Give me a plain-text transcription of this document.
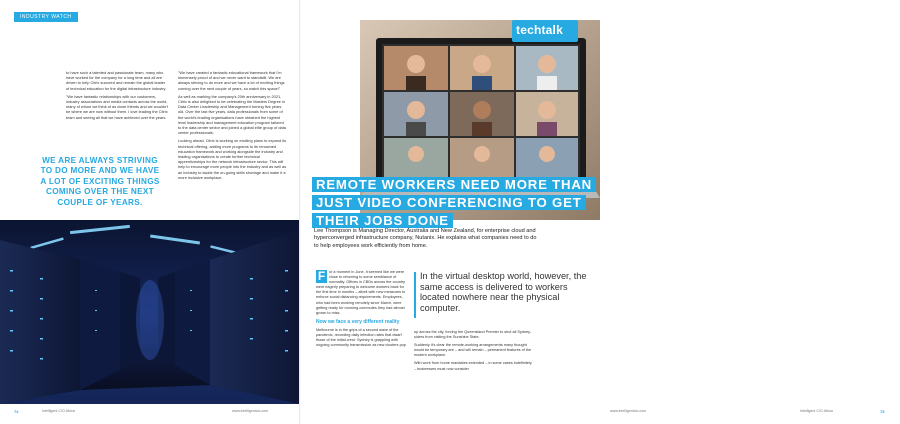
INDUSTRY WATCH

to have such a talented and passionate team, many who have worked for the company for a long time and all are driven to help Citrix succeed and remain the global leader of technical education for the digital infrastructure industry.

"We have fantastic relationships with our customers, industry associations and media contacts across the world, many of whom we think of as close friends and we wouldn't be where we are now without them. I love leading the Citrix team and seeing all that we have achieved over the years.

"We have created a fantastic educational framework that I'm immensely proud of and we never want to standstill. We are always striving to do more and we have a lot of exciting things coming over the next couple of years, so watch this space!"

As well as marking the company's 20th anniversary in 2021, Citrix is also delighted to be celebrating the Masters Degree in Data Center Leadership and Management turning five years old. Over the last five years, data professionals from some of the world's leading organisations have obtained the highest level leadership and management education program tailored to the data center sector and joined a global elite group of data center professionals.

Looking ahead, Citrix is working on exciting plans to expand its technical offering, adding more programs to its renowned education framework and working alongside the industry and leading organisations to create further technical apprenticeships for the network infrastructure sector. This will help to encourage more people into the industry and as well as an industry to tackle the on-going skills shortage and make it a more inclusive workplace.

WE ARE ALWAYS STRIVING TO DO MORE AND WE HAVE A LOT OF EXCITING THINGS COMING OVER THE NEXT COUPLE OF YEARS.
74	Intelligent CIO Africa	www.intelligentcio.com
techtalk
REMOTE WORKERS NEED MORE THAN JUST VIDEO CONFERENCING TO GET THEIR JOBS DONE
Lee Thompson is Managing Director, Australia and New Zealand, for enterprise cloud and hyperconverged infrastructure company, Nutanix. He explains what companies need to do to help employees work efficiently from home.

F	or a moment in June, it seemed like we were close to returning to some semblance of normality. Offices in CBDs across the country were eagerly preparing to welcome workers back for the first time in months – albeit with new measures to enforce social distancing requirements. Employees, who had been working remotely since March, were getting ready for morning commutes they had almost grown to miss.

Now we face a very different reality

Melbourne is in the grips of a second wave of the pandemic, recording daily infection rates that dwarf those of the initial crest. Sydney is grappling with ongoing community transmission as new clusters pop

In the virtual desktop world, however, the same access is delivered to workers located nowhere near the physical computer.

up across the city, forcing the Queensland Premier to shut all Sydney-siders from visiting the Sunshine State.

Suddenly it's clear the remote-working arrangements many thought would be temporary are – and will remain – permanent features of the modern workplace.

With work from home mandates extended – in some cases indefinitely – businesses must now consider

www.intelligentcio.com	Intelligent CIO Africa	75
